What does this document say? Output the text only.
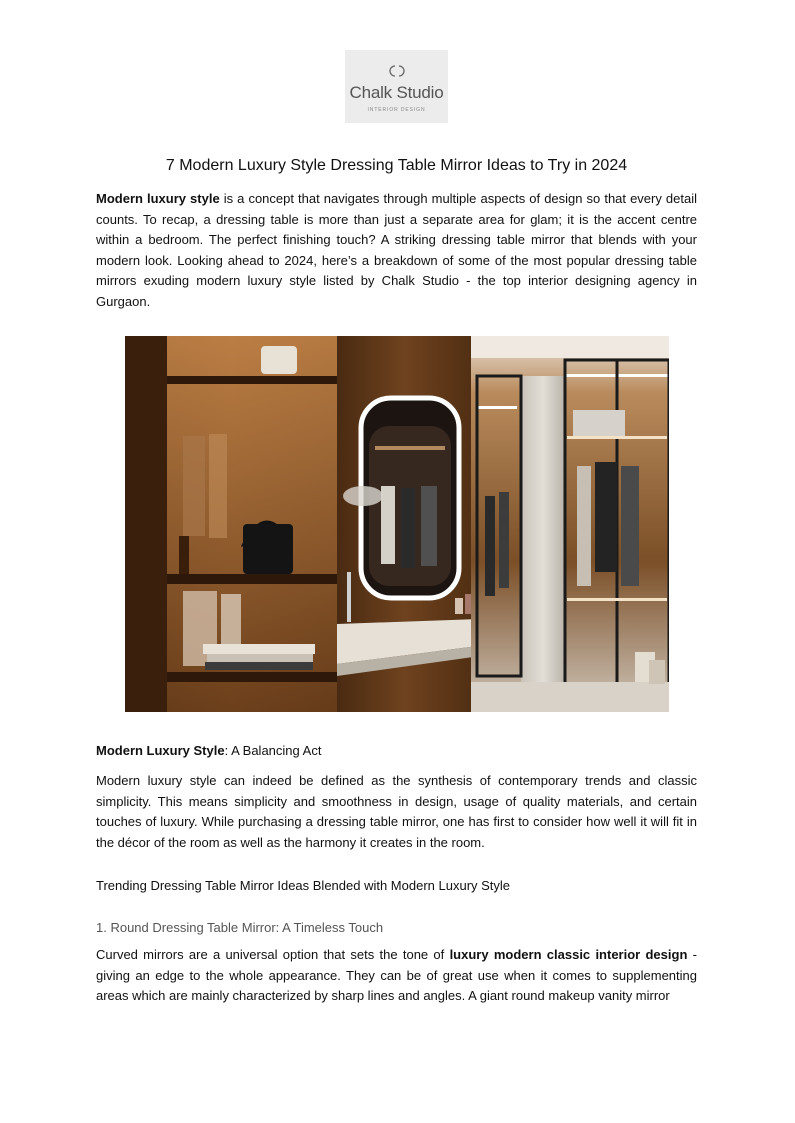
Chalk Studio
INTERIOR DESIGN
7 Modern Luxury Style Dressing Table Mirror Ideas to Try in 2024
Modern luxury style is a concept that navigates through multiple aspects of design so that every detail counts. To recap, a dressing table is more than just a separate area for glam; it is the accent centre within a bedroom. The perfect finishing touch? A striking dressing table mirror that blends with your modern look. Looking ahead to 2024, here’s a breakdown of some of the most popular dressing table mirrors exuding modern luxury style listed by Chalk Studio - the top interior designing agency in Gurgaon.
Modern Luxury Style: A Balancing Act
Modern luxury style can indeed be defined as the synthesis of contemporary trends and classic simplicity. This means simplicity and smoothness in design, usage of quality materials, and certain touches of luxury. While purchasing a dressing table mirror, one has first to consider how well it will fit in the décor of the room as well as the harmony it creates in the room.
Trending Dressing Table Mirror Ideas Blended with Modern Luxury Style
1. Round Dressing Table Mirror: A Timeless Touch
Curved mirrors are a universal option that sets the tone of luxury modern classic interior design - giving an edge to the whole appearance. They can be of great use when it comes to supplementing areas which are mainly characterized by sharp lines and angles. A giant round makeup vanity mirror
